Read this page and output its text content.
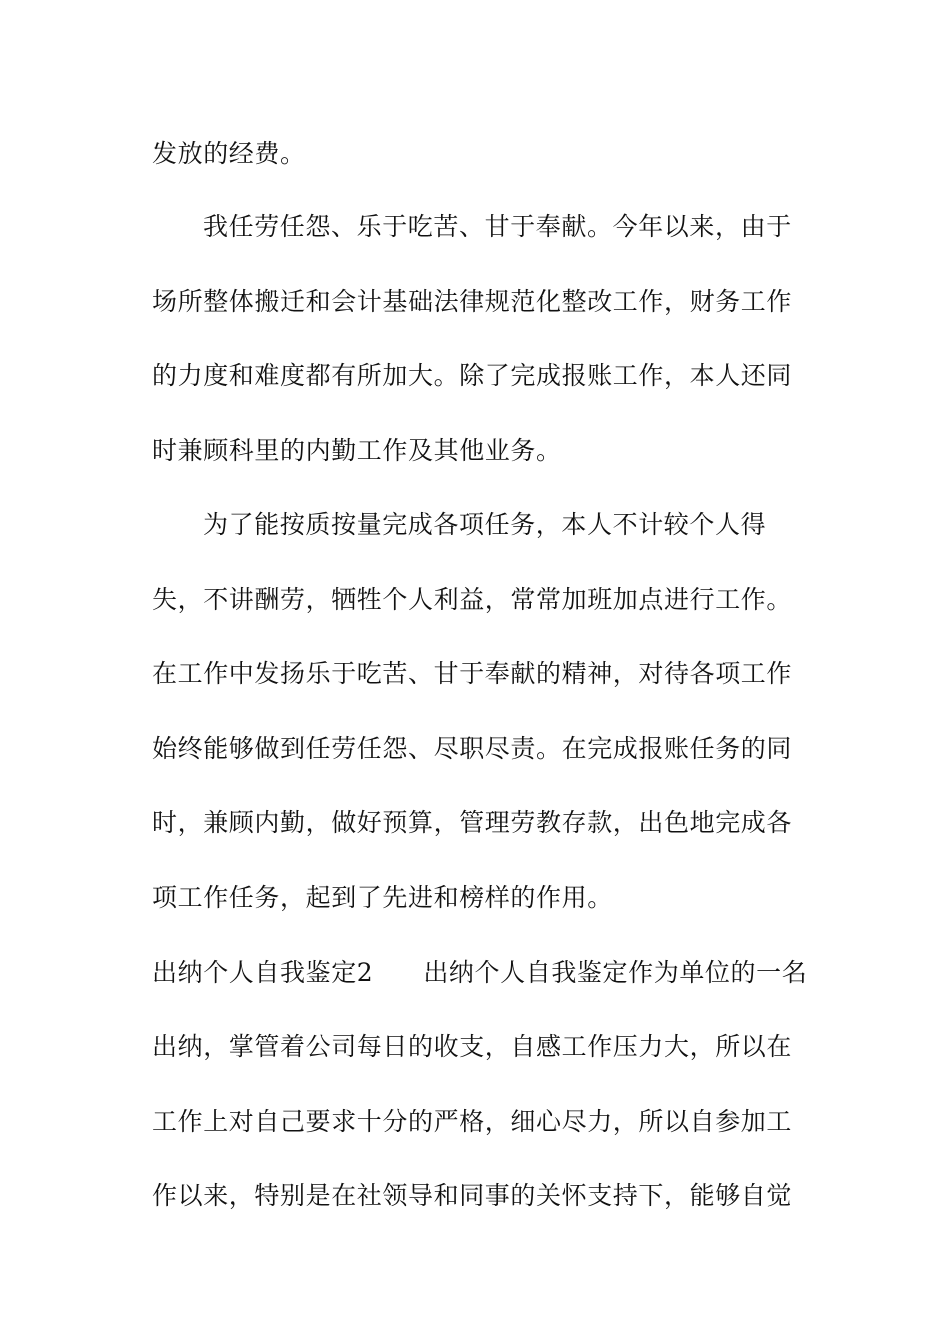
发放的经费。
我任劳任怨、乐于吃苦、甘于奉献。今年以来，由于
场所整体搬迁和会计基础法律规范化整改工作，财务工作
的力度和难度都有所加大。除了完成报账工作，本人还同
时兼顾科里的内勤工作及其他业务。
为了能按质按量完成各项任务，本人不计较个人得
失，不讲酬劳，牺牲个人利益，常常加班加点进行工作。
在工作中发扬乐于吃苦、甘于奉献的精神，对待各项工作
始终能够做到任劳任怨、尽职尽责。在完成报账任务的同
时，兼顾内勤，做好预算，管理劳教存款，出色地完成各
项工作任务，起到了先进和榜样的作用。
出纳个人自我鉴定2 出纳个人自我鉴定作为单位的一名
出纳，掌管着公司每日的收支，自感工作压力大，所以在
工作上对自己要求十分的严格，细心尽力，所以自参加工
作以来，特别是在社领导和同事的关怀支持下，能够自觉
